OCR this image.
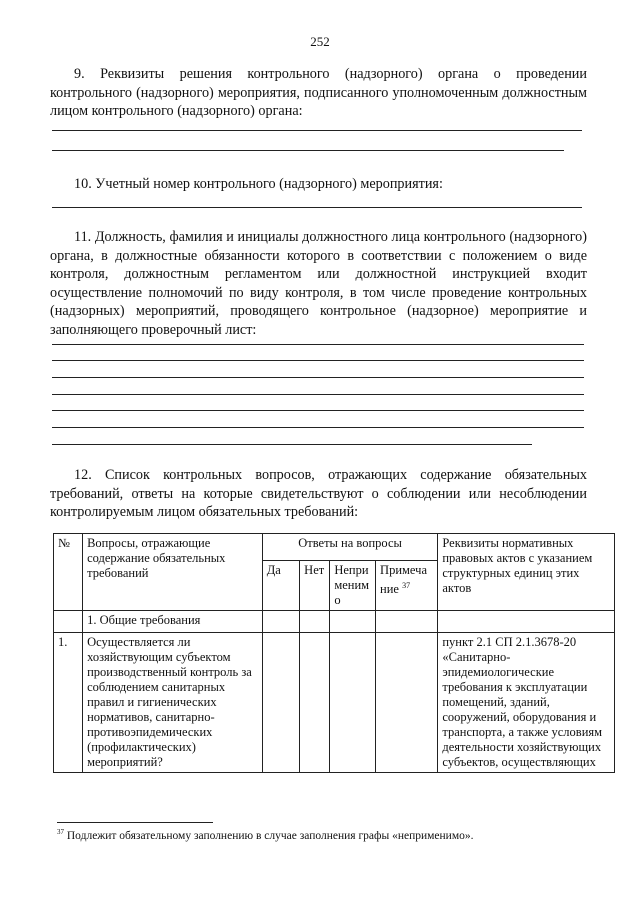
252
9. Реквизиты решения контрольного (надзорного) органа о проведении контрольного (надзорного) мероприятия, подписанного уполномоченным должностным лицом контрольного (надзорного) органа:
10. Учетный номер контрольного (надзорного) мероприятия:
11. Должность, фамилия и инициалы должностного лица контрольного (надзорного) органа, в должностные обязанности которого в соответствии с положением о виде контроля, должностным регламентом или должностной инструкцией входит осуществление полномочий по виду контроля, в том числе проведение контрольных (надзорных) мероприятий, проводящего контрольное (надзорное) мероприятие и заполняющего проверочный лист:
12. Список контрольных вопросов, отражающих содержание обязательных требований, ответы на которые свидетельствуют о соблюдении или несоблюдении контролируемым лицом обязательных требований:
№	Вопросы, отражающие содержание обязательных требований	Ответы на вопросы				Реквизиты нормативных правовых актов с указанием структурных единиц этих актов
		Да	Нет	Неприменимо	Примечание $^{37}$
	1. Общие требования					
1.	Осуществляется ли хозяйствующим субъектом производственный контроль за соблюдением санитарных правил и гигиенических нормативов, санитарно-противоэпидемических (профилактических) мероприятий?					пункт 2.1 СП 2.1.3678-20 «Санитарно-эпидемиологические требования к эксплуатации помещений, зданий, сооружений, оборудования и транспорта, а также условиям деятельности хозяйствующих субъектов, осуществляющих
$^{37}$ Подлежит обязательному заполнению в случае заполнения графы «неприменимо».
